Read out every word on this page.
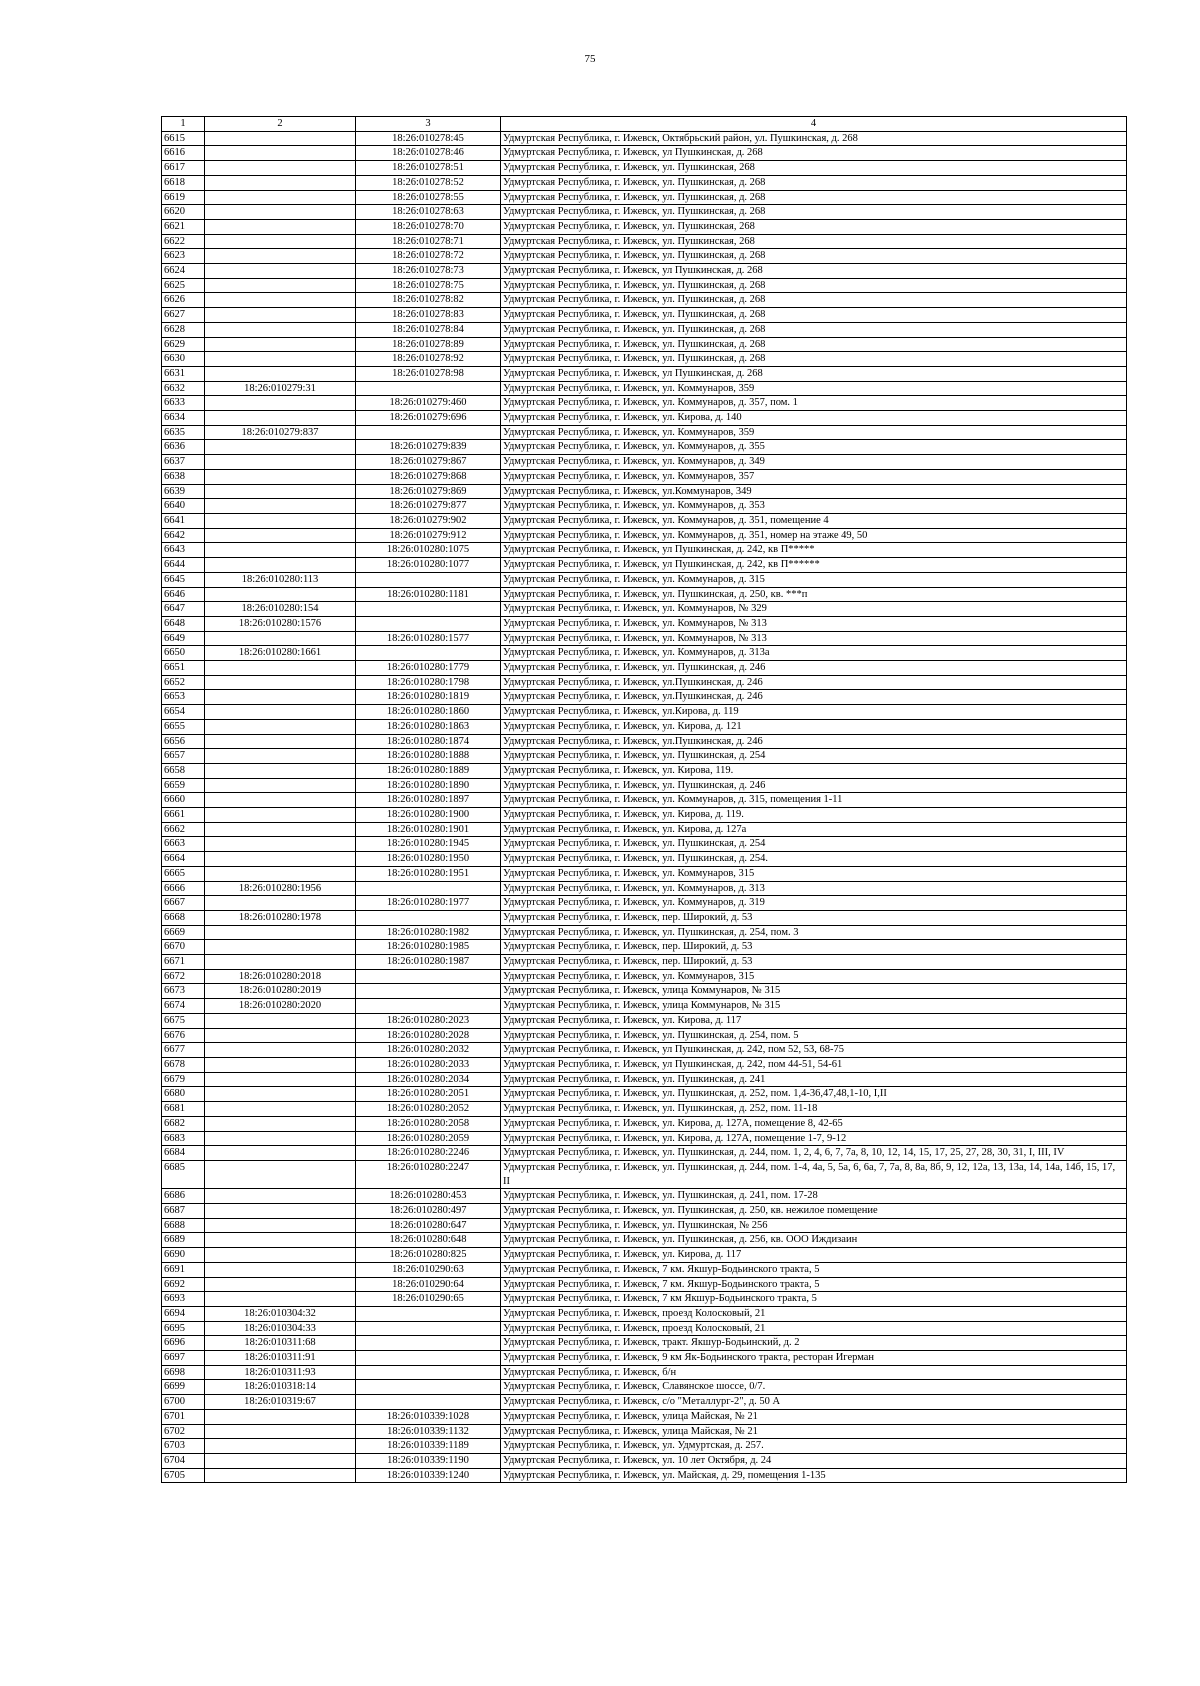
75
1	2	3	4
6615		18:26:010278:45	Удмуртская Республика, г. Ижевск, Октябрьский район, ул. Пушкинская, д. 268
6616		18:26:010278:46	Удмуртская Республика, г. Ижевск, ул Пушкинская, д. 268
6617		18:26:010278:51	Удмуртская Республика, г. Ижевск, ул. Пушкинская, 268
6618		18:26:010278:52	Удмуртская Республика, г. Ижевск, ул. Пушкинская, д. 268
6619		18:26:010278:55	Удмуртская Республика, г. Ижевск, ул. Пушкинская, д. 268
6620		18:26:010278:63	Удмуртская Республика, г. Ижевск, ул. Пушкинская, д. 268
6621		18:26:010278:70	Удмуртская Республика, г. Ижевск, ул. Пушкинская, 268
6622		18:26:010278:71	Удмуртская Республика, г. Ижевск, ул. Пушкинская, 268
6623		18:26:010278:72	Удмуртская Республика, г. Ижевск, ул. Пушкинская, д. 268
6624		18:26:010278:73	Удмуртская Республика, г. Ижевск, ул Пушкинская, д. 268
6625		18:26:010278:75	Удмуртская Республика, г. Ижевск, ул. Пушкинская, д. 268
6626		18:26:010278:82	Удмуртская Республика, г. Ижевск, ул. Пушкинская, д. 268
6627		18:26:010278:83	Удмуртская Республика, г. Ижевск, ул. Пушкинская, д. 268
6628		18:26:010278:84	Удмуртская Республика, г. Ижевск, ул. Пушкинская, д. 268
6629		18:26:010278:89	Удмуртская Республика, г. Ижевск, ул. Пушкинская, д. 268
6630		18:26:010278:92	Удмуртская Республика, г. Ижевск, ул. Пушкинская, д. 268
6631		18:26:010278:98	Удмуртская Республика, г. Ижевск, ул Пушкинская, д. 268
6632	18:26:010279:31		Удмуртская Республика, г. Ижевск, ул. Коммунаров, 359
6633		18:26:010279:460	Удмуртская Республика, г. Ижевск, ул. Коммунаров, д. 357, пом. 1
6634		18:26:010279:696	Удмуртская Республика, г. Ижевск, ул. Кирова, д. 140
6635	18:26:010279:837		Удмуртская Республика, г. Ижевск, ул. Коммунаров, 359
6636		18:26:010279:839	Удмуртская Республика, г. Ижевск, ул. Коммунаров, д. 355
6637		18:26:010279:867	Удмуртская Республика, г. Ижевск, ул. Коммунаров, д. 349
6638		18:26:010279:868	Удмуртская Республика, г. Ижевск, ул. Коммунаров, 357
6639		18:26:010279:869	Удмуртская Республика, г. Ижевск, ул.Коммунаров, 349
6640		18:26:010279:877	Удмуртская Республика, г. Ижевск, ул. Коммунаров, д. 353
6641		18:26:010279:902	Удмуртская Республика, г. Ижевск, ул. Коммунаров, д. 351, помещение 4
6642		18:26:010279:912	Удмуртская Республика, г. Ижевск, ул. Коммунаров, д. 351, номер на этаже 49, 50
6643		18:26:010280:1075	Удмуртская Республика, г. Ижевск, ул Пушкинская, д. 242, кв П*****
6644		18:26:010280:1077	Удмуртская Республика, г. Ижевск, ул Пушкинская, д. 242, кв П******
6645	18:26:010280:113		Удмуртская Республика, г. Ижевск, ул. Коммунаров, д. 315
6646		18:26:010280:1181	Удмуртская Республика, г. Ижевск, ул. Пушкинская, д. 250, кв. ***п
6647	18:26:010280:154		Удмуртская Республика, г. Ижевск, ул. Коммунаров, № 329
6648	18:26:010280:1576		Удмуртская Республика, г. Ижевск, ул. Коммунаров, № 313
6649		18:26:010280:1577	Удмуртская Республика, г. Ижевск, ул. Коммунаров, № 313
6650	18:26:010280:1661		Удмуртская Республика, г. Ижевск, ул. Коммунаров, д. 313а
6651		18:26:010280:1779	Удмуртская Республика, г. Ижевск, ул. Пушкинская, д. 246
6652		18:26:010280:1798	Удмуртская Республика, г. Ижевск, ул.Пушкинская, д. 246
6653		18:26:010280:1819	Удмуртская Республика, г. Ижевск, ул.Пушкинская, д. 246
6654		18:26:010280:1860	Удмуртская Республика, г. Ижевск, ул.Кирова, д. 119
6655		18:26:010280:1863	Удмуртская Республика, г. Ижевск, ул. Кирова, д. 121
6656		18:26:010280:1874	Удмуртская Республика, г. Ижевск, ул.Пушкинская, д. 246
6657		18:26:010280:1888	Удмуртская Республика, г. Ижевск, ул. Пушкинская, д. 254
6658		18:26:010280:1889	Удмуртская Республика, г. Ижевск, ул. Кирова, 119.
6659		18:26:010280:1890	Удмуртская Республика, г. Ижевск, ул. Пушкинская, д. 246
6660		18:26:010280:1897	Удмуртская Республика, г. Ижевск, ул. Коммунаров, д. 315, помещения 1-11
6661		18:26:010280:1900	Удмуртская Республика, г. Ижевск, ул. Кирова, д. 119.
6662		18:26:010280:1901	Удмуртская Республика, г. Ижевск, ул. Кирова, д. 127а
6663		18:26:010280:1945	Удмуртская Республика, г. Ижевск, ул. Пушкинская, д. 254
6664		18:26:010280:1950	Удмуртская Республика, г. Ижевск, ул. Пушкинская, д. 254.
6665		18:26:010280:1951	Удмуртская Республика, г. Ижевск, ул. Коммунаров, 315
6666	18:26:010280:1956		Удмуртская Республика, г. Ижевск, ул. Коммунаров, д. 313
6667		18:26:010280:1977	Удмуртская Республика, г. Ижевск, ул. Коммунаров, д. 319
6668	18:26:010280:1978		Удмуртская Республика, г. Ижевск, пер. Широкий, д. 53
6669		18:26:010280:1982	Удмуртская Республика, г. Ижевск, ул. Пушкинская, д. 254, пом. 3
6670		18:26:010280:1985	Удмуртская Республика, г. Ижевск, пер. Широкий, д. 53
6671		18:26:010280:1987	Удмуртская Республика, г. Ижевск, пер. Широкий, д. 53
6672	18:26:010280:2018		Удмуртская Республика, г. Ижевск, ул. Коммунаров, 315
6673	18:26:010280:2019		Удмуртская Республика, г. Ижевск, улица Коммунаров, № 315
6674	18:26:010280:2020		Удмуртская Республика, г. Ижевск, улица Коммунаров, № 315
6675		18:26:010280:2023	Удмуртская Республика, г. Ижевск, ул. Кирова, д. 117
6676		18:26:010280:2028	Удмуртская Республика, г. Ижевск, ул. Пушкинская, д. 254, пом. 5
6677		18:26:010280:2032	Удмуртская Республика, г. Ижевск, ул Пушкинская, д. 242, пом 52, 53, 68-75
6678		18:26:010280:2033	Удмуртская Республика, г. Ижевск, ул Пушкинская, д. 242, пом 44-51, 54-61
6679		18:26:010280:2034	Удмуртская Республика, г. Ижевск, ул. Пушкинская, д. 241
6680		18:26:010280:2051	Удмуртская Республика, г. Ижевск, ул. Пушкинская, д. 252, пом. 1,4-36,47,48,1-10, I,II
6681		18:26:010280:2052	Удмуртская Республика, г. Ижевск, ул. Пушкинская, д. 252, пом. 11-18
6682		18:26:010280:2058	Удмуртская Республика, г. Ижевск, ул. Кирова, д. 127А, помещение 8, 42-65
6683		18:26:010280:2059	Удмуртская Республика, г. Ижевск, ул. Кирова, д. 127А, помещение 1-7, 9-12
6684		18:26:010280:2246	Удмуртская Республика, г. Ижевск, ул. Пушкинская, д. 244, пом. 1, 2, 4, 6, 7, 7а, 8, 10, 12, 14, 15, 17, 25, 27, 28, 30, 31, I, III, IV
6685		18:26:010280:2247	Удмуртская Республика, г. Ижевск, ул. Пушкинская, д. 244, пом. 1-4, 4а, 5, 5а, 6, 6а, 7, 7а, 8, 8а, 8б, 9, 12, 12а, 13, 13а, 14, 14а, 14б, 15, 17, II
6686		18:26:010280:453	Удмуртская Республика, г. Ижевск, ул. Пушкинская, д. 241, пом. 17-28
6687		18:26:010280:497	Удмуртская Республика, г. Ижевск, ул. Пушкинская, д. 250, кв. нежилое помещение
6688		18:26:010280:647	Удмуртская Республика, г. Ижевск, ул. Пушкинская, № 256
6689		18:26:010280:648	Удмуртская Республика, г. Ижевск, ул. Пушкинская, д. 256, кв. ООО Иждизаин
6690		18:26:010280:825	Удмуртская Республика, г. Ижевск, ул. Кирова, д. 117
6691		18:26:010290:63	Удмуртская Республика, г. Ижевск, 7 км. Якшур-Бодьинского тракта, 5
6692		18:26:010290:64	Удмуртская Республика, г. Ижевск, 7 км. Якшур-Бодьинского тракта, 5
6693		18:26:010290:65	Удмуртская Республика, г. Ижевск, 7 км Якшур-Бодьинского тракта, 5
6694	18:26:010304:32		Удмуртская Республика, г. Ижевск, проезд Колосковый, 21
6695	18:26:010304:33		Удмуртская Республика, г. Ижевск, проезд Колосковый, 21
6696	18:26:010311:68		Удмуртская Республика, г. Ижевск, тракт. Якшур-Бодьинский, д. 2
6697	18:26:010311:91		Удмуртская Республика, г. Ижевск, 9 км Як-Бодьинского тракта, ресторан Игерман
6698	18:26:010311:93		Удмуртская Республика, г. Ижевск, б/н
6699	18:26:010318:14		Удмуртская Республика, г. Ижевск, Славянское шоссе, 0/7.
6700	18:26:010319:67		Удмуртская Республика, г. Ижевск, с/о "Металлург-2", д. 50 А
6701		18:26:010339:1028	Удмуртская Республика, г. Ижевск, улица Майская, № 21
6702		18:26:010339:1132	Удмуртская Республика, г. Ижевск, улица Майская, № 21
6703		18:26:010339:1189	Удмуртская Республика, г. Ижевск, ул. Удмуртская, д. 257.
6704		18:26:010339:1190	Удмуртская Республика, г. Ижевск, ул. 10 лет Октября, д. 24
6705		18:26:010339:1240	Удмуртская Республика, г. Ижевск, ул. Майская, д. 29, помещения 1-135
